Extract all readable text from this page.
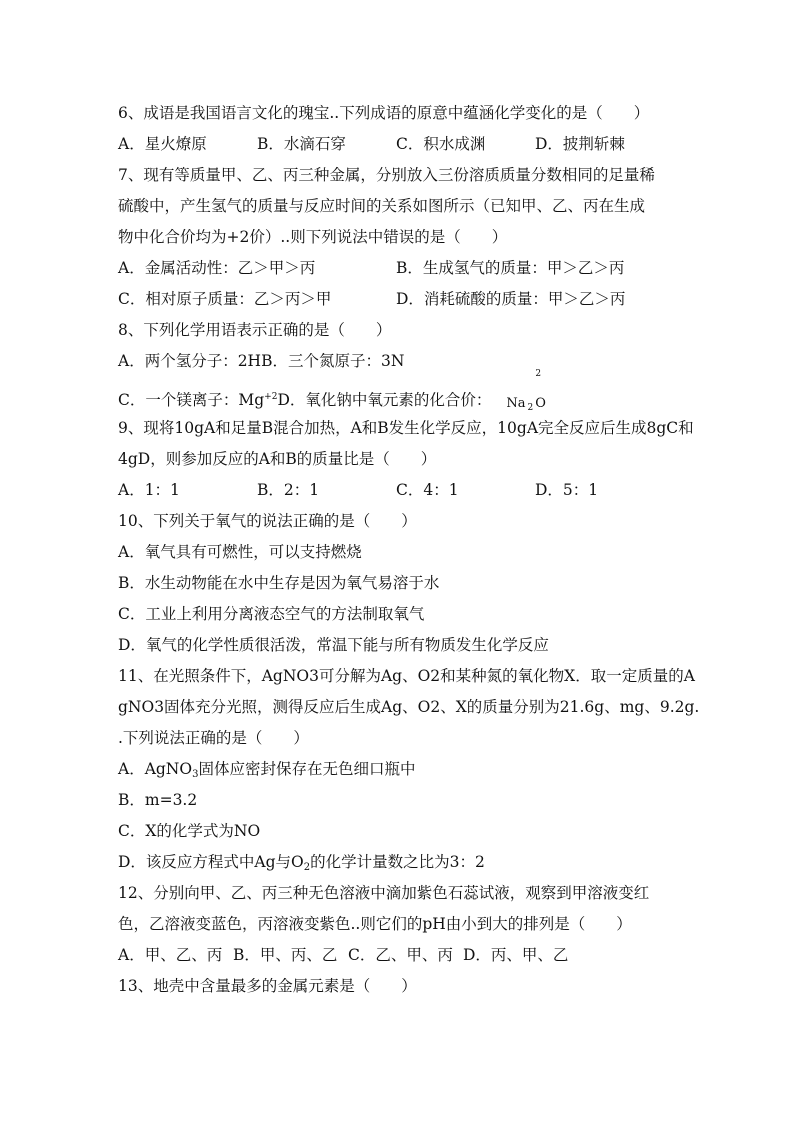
6、成语是我国语言文化的瑰宝..下列成语的原意中蕴涵化学变化的是（　　）
A．星火燎原	B．水滴石穿	C．积水成渊	D．披荆斩棘
7、现有等质量甲、乙、丙三种金属，分别放入三份溶质质量分数相同的足量稀
硫酸中，产生氢气的质量与反应时间的关系如图所示（已知甲、乙、丙在生成
物中化合价均为+2价）..则下列说法中错误的是（　　）
A．金属活动性：乙＞甲＞丙	B．生成氢气的质量：甲＞乙＞丙
C．相对原子质量：乙＞丙＞甲	D．消耗硫酸的质量：甲＞乙＞丙
8、下列化学用语表示正确的是（　　）
A．两个氢分子：2HB．三个氮原子：3N
C．一个镁离子：$Mg^{+2}D$．氧化钠中氧元素的化合价：
2
Na $_2$ O
9、现将10gA和足量B混合加热，A和B发生化学反应，10gA完全反应后生成8gC和
4gD，则参加反应的A和B的质量比是（　　）
A．1：1	B．2：1	C．4：1	D．5：1
10、下列关于氧气的说法正确的是（　　）
A．氧气具有可燃性，可以支持燃烧
B．水生动物能在水中生存是因为氧气易溶于水
C．工业上利用分离液态空气的方法制取氧气
D．氧气的化学性质很活泼，常温下能与所有物质发生化学反应
11、在光照条件下，AgNO3可分解为Ag、O2和某种氮的氧化物X．取一定质量的A
gNO3固体充分光照，测得反应后生成Ag、O2、X的质量分别为21.6g、mg、9.2g.
.下列说法正确的是（　　）
A．AgNO$_3$固体应密封保存在无色细口瓶中
B．m=3.2
C．X的化学式为NO
D．该反应方程式中Ag与$O_2$的化学计量数之比为3：2
12、分别向甲、乙、丙三种无色溶液中滴加紫色石蕊试液，观察到甲溶液变红
色，乙溶液变蓝色，丙溶液变紫色..则它们的pH由小到大的排列是（　　）
A．甲、乙、丙 B．甲、丙、乙 C．乙、甲、丙 D．丙、甲、乙
13、地壳中含量最多的金属元素是（　　）
